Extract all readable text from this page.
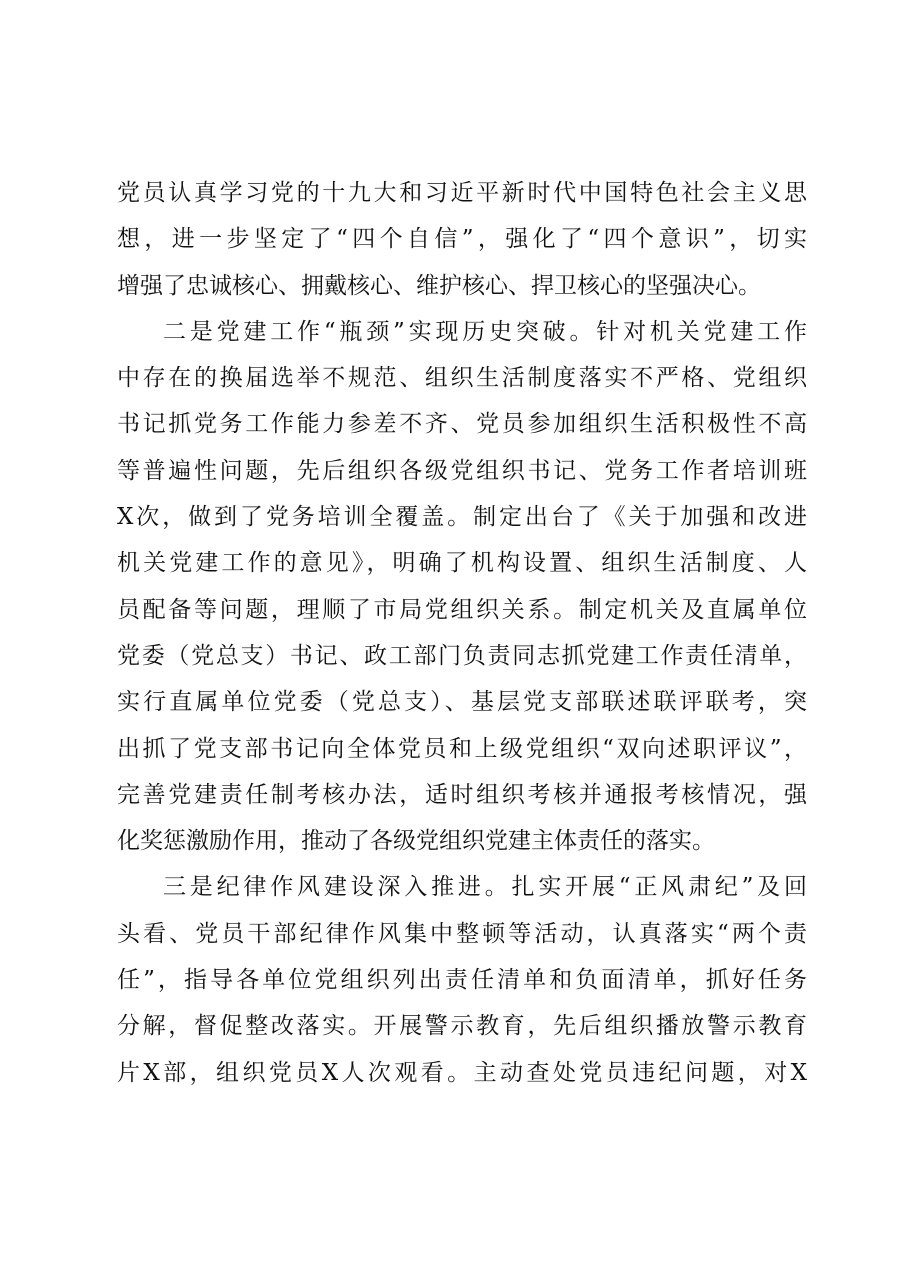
党员认真学习党的十九大和习近平新时代中国特色社会主义思
想，进一步坚定了“四个自信”，强化了“四个意识”，切实
增强了忠诚核心、拥戴核心、维护核心、捍卫核心的坚强决心。
二是党建工作“瓶颈”实现历史突破。针对机关党建工作
中存在的换届选举不规范、组织生活制度落实不严格、党组织
书记抓党务工作能力参差不齐、党员参加组织生活积极性不高
等普遍性问题，先后组织各级党组织书记、党务工作者培训班
X次，做到了党务培训全覆盖。制定出台了《关于加强和改进
机关党建工作的意见》，明确了机构设置、组织生活制度、人
员配备等问题，理顺了市局党组织关系。制定机关及直属单位
党委（党总支）书记、政工部门负责同志抓党建工作责任清单，
实行直属单位党委（党总支）、基层党支部联述联评联考，突
出抓了党支部书记向全体党员和上级党组织“双向述职评议”，
完善党建责任制考核办法，适时组织考核并通报考核情况，强
化奖惩激励作用，推动了各级党组织党建主体责任的落实。
三是纪律作风建设深入推进。扎实开展“正风肃纪”及回
头看、党员干部纪律作风集中整顿等活动，认真落实“两个责
任”，指导各单位党组织列出责任清单和负面清单，抓好任务
分解，督促整改落实。开展警示教育，先后组织播放警示教育
片X部，组织党员X人次观看。主动查处党员违纪问题，对X
